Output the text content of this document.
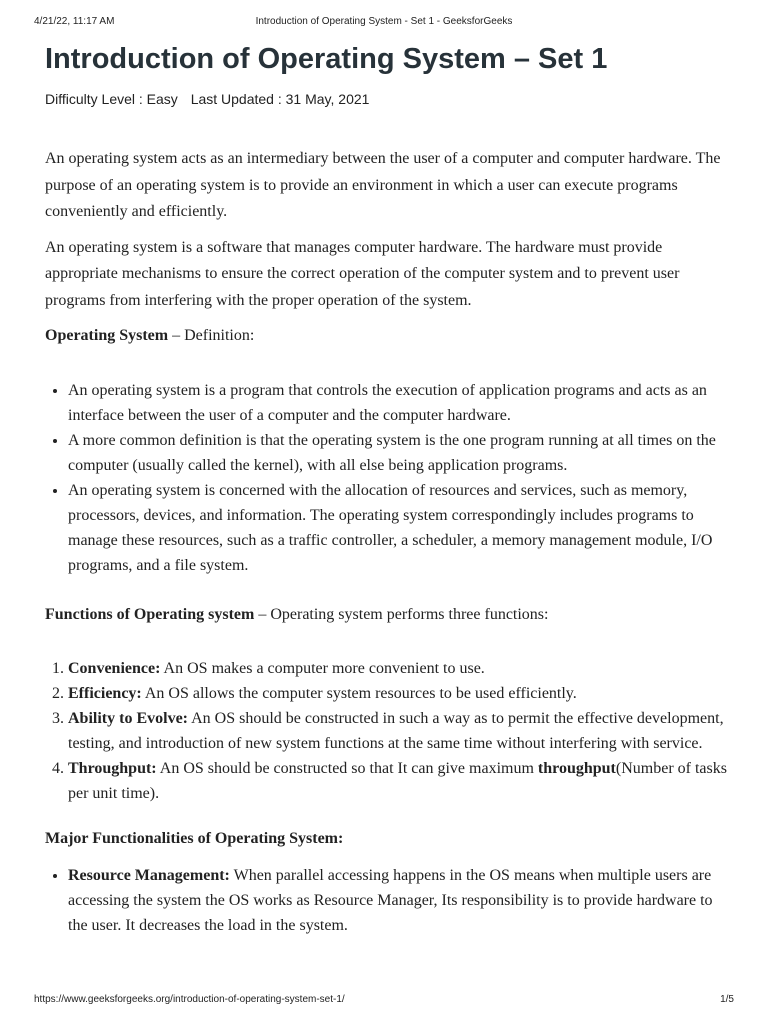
4/21/22, 11:17 AM	Introduction of Operating System - Set 1 - GeeksforGeeks
Introduction of Operating System – Set 1
Difficulty Level : Easy Last Updated : 31 May, 2021

An operating system acts as an intermediary between the user of a computer and computer hardware. The purpose of an operating system is to provide an environment in which a user can execute programs conveniently and efficiently.

An operating system is a software that manages computer hardware. The hardware must provide appropriate mechanisms to ensure the correct operation of the computer system and to prevent user programs from interfering with the proper operation of the system.

Operating System – Definition:

• An operating system is a program that controls the execution of application programs and acts as an interface between the user of a computer and the computer hardware.
• A more common definition is that the operating system is the one program running at all times on the computer (usually called the kernel), with all else being application programs.
• An operating system is concerned with the allocation of resources and services, such as memory, processors, devices, and information. The operating system correspondingly includes programs to manage these resources, such as a traffic controller, a scheduler, a memory management module, I/O programs, and a file system.

Functions of Operating system – Operating system performs three functions:

1. Convenience: An OS makes a computer more convenient to use.
2. Efficiency: An OS allows the computer system resources to be used efficiently.
3. Ability to Evolve: An OS should be constructed in such a way as to permit the effective development, testing, and introduction of new system functions at the same time without interfering with service.
4. Throughput: An OS should be constructed so that It can give maximum throughput(Number of tasks per unit time).

Major Functionalities of Operating System:

• Resource Management: When parallel accessing happens in the OS means when multiple users are accessing the system the OS works as Resource Manager, Its responsibility is to provide hardware to the user. It decreases the load in the system.
https://www.geeksforgeeks.org/introduction-of-operating-system-set-1/	1/5
